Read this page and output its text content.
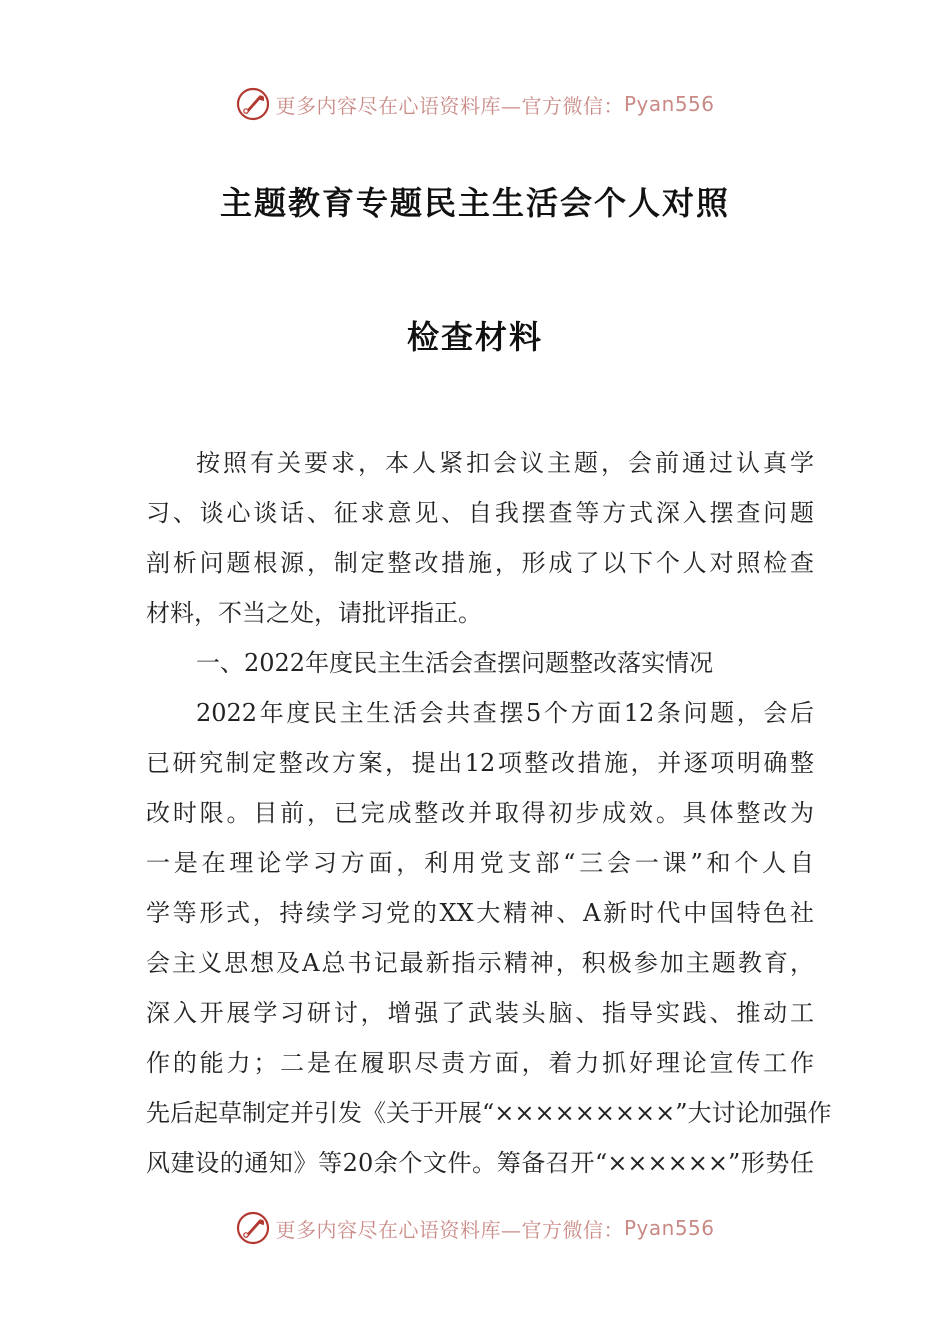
更多内容尽在心语资料库—官方微信： Pyan556
主题教育专题民主生活会个人对照
检查材料
按照有关要求，本人紧扣会议主题，会前通过认真学
习、谈心谈话、征求意见、自我摆查等方式深入摆查问题
剖析问题根源，制定整改措施，形成了以下个人对照检查
材料，不当之处，请批评指正。
一、2022年度民主生活会查摆问题整改落实情况
2022年度民主生活会共查摆5个方面12条问题，会后
已研究制定整改方案，提出12项整改措施，并逐项明确整
改时限。目前，已完成整改并取得初步成效。具体整改为
一是在理论学习方面，利用党支部“三会一课”和个人自
学等形式，持续学习党的XX大精神、A新时代中国特色社
会主义思想及A总书记最新指示精神，积极参加主题教育，
深入开展学习研讨，增强了武装头脑、指导实践、推动工
作的能力；二是在履职尽责方面，着力抓好理论宣传工作
先后起草制定并引发《关于开展“×××××××××”大讨论加强作
风建设的通知》等20余个文件。筹备召开“××××××”形势任
更多内容尽在心语资料库—官方微信： Pyan556
